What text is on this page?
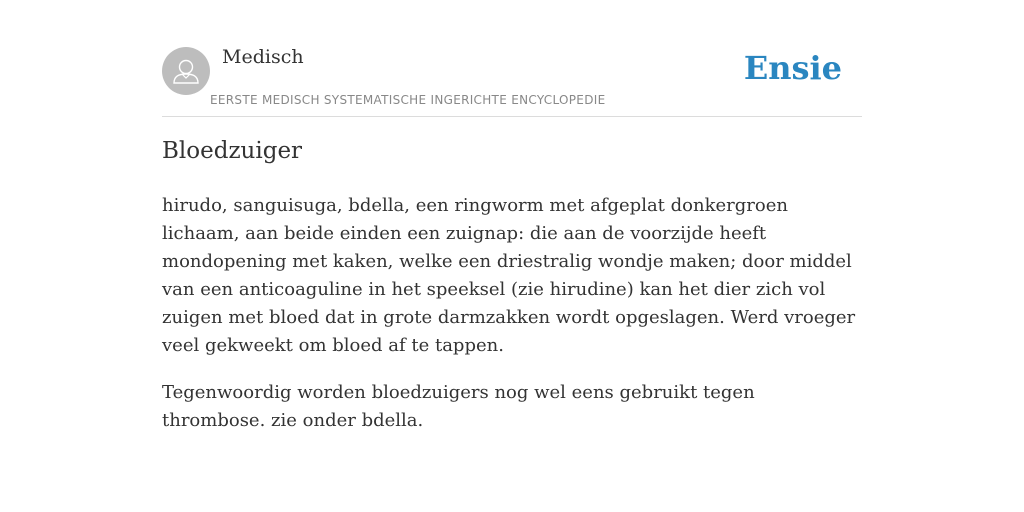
Medisch
EERSTE MEDISCH SYSTEMATISCHE INGERICHTE ENCYCLOPEDIE
Ensie
Bloedzuiger

hirudo, sanguisuga, bdella, een ringworm met afgeplat donkergroen lichaam, aan beide einden een zuignap: die aan de voorzijde heeft mondopening met kaken, welke een driestralig wondje maken; door middel van een anticoaguline in het speeksel (zie hirudine) kan het dier zich vol zuigen met bloed dat in grote darmzakken wordt opgeslagen. Werd vroeger veel gekweekt om bloed af te tappen.

Tegenwoordig worden bloedzuigers nog wel eens gebruikt tegen thrombose. zie onder bdella.
